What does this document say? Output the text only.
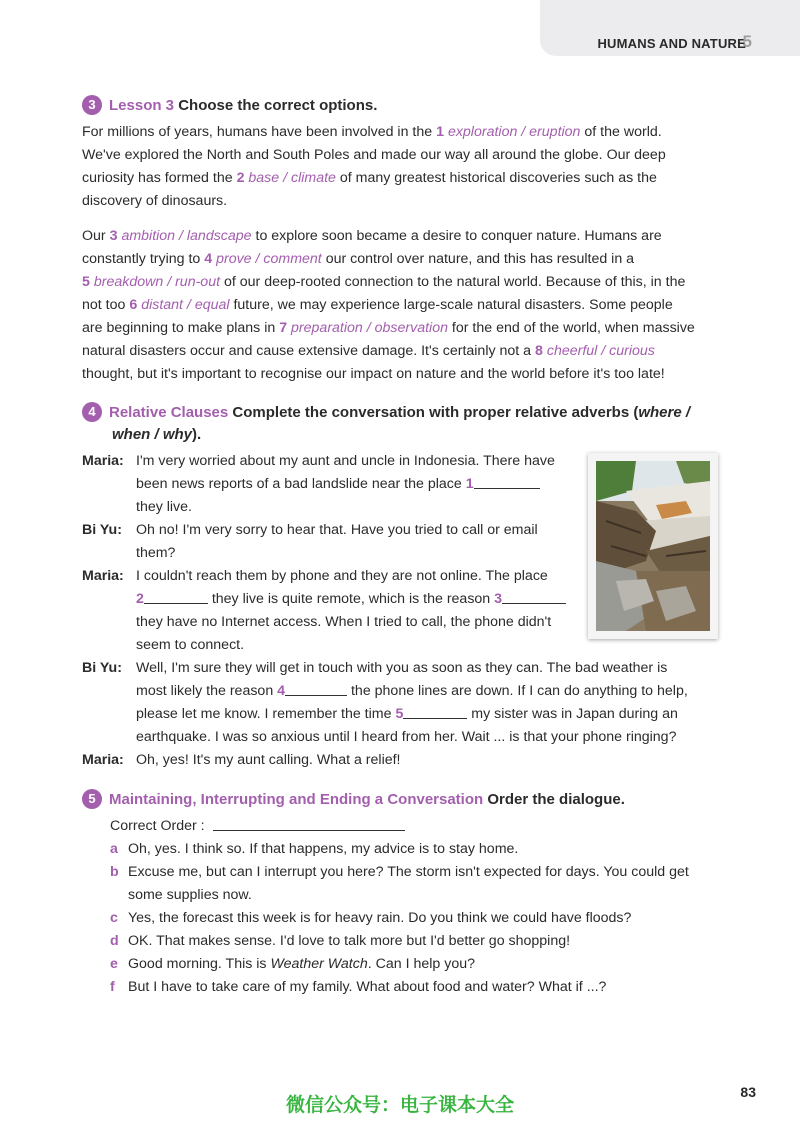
HUMANS AND NATURE
5
3 Lesson 3 Choose the correct options.
For millions of years, humans have been involved in the 1 exploration / eruption of the world.
We've explored the North and South Poles and made our way all around the globe. Our deep
curiosity has formed the 2 base / climate of many greatest historical discoveries such as the
discovery of dinosaurs.
Our 3 ambition / landscape to explore soon became a desire to conquer nature. Humans are
constantly trying to 4 prove / comment our control over nature, and this has resulted in a
5 breakdown / run-out of our deep-rooted connection to the natural world. Because of this, in the
not too 6 distant / equal future, we may experience large-scale natural disasters. Some people
are beginning to make plans in 7 preparation / observation for the end of the world, when massive
natural disasters occur and cause extensive damage. It's certainly not a 8 cheerful / curious
thought, but it's important to recognise our impact on nature and the world before it's too late!
4 Relative Clauses Complete the conversation with proper relative adverbs (where /
when / why).
Maria: I'm very worried about my aunt and uncle in Indonesia. There have
been news reports of a bad landslide near the place 1
they live.
Bi Yu: Oh no! I'm very sorry to hear that. Have you tried to call or email
them?
Maria: I couldn't reach them by phone and they are not online. The place
2	they live is quite remote, which is the reason 3
they have no Internet access. When I tried to call, the phone didn't
seem to connect.
Bi Yu: Well, I'm sure they will get in touch with you as soon as they can. The bad weather is
most likely the reason 4	the phone lines are down. If I can do anything to help,
please let me know. I remember the time 5	my sister was in Japan during an
earthquake. I was so anxious until I heard from her. Wait ... is that your phone ringing?
Maria: Oh, yes! It's my aunt calling. What a relief!
5 Maintaining, Interrupting and Ending a Conversation Order the dialogue.
Correct Order :
a Oh, yes. I think so. If that happens, my advice is to stay home.
b Excuse me, but can I interrupt you here? The storm isn't expected for days. You could get
some supplies now.
c Yes, the forecast this week is for heavy rain. Do you think we could have floods?
d OK. That makes sense. I'd love to talk more but I'd better go shopping!
e Good morning. This is Weather Watch. Can I help you?
f But I have to take care of my family. What about food and water? What if ...?
微信公众号：电子课本大全
83
